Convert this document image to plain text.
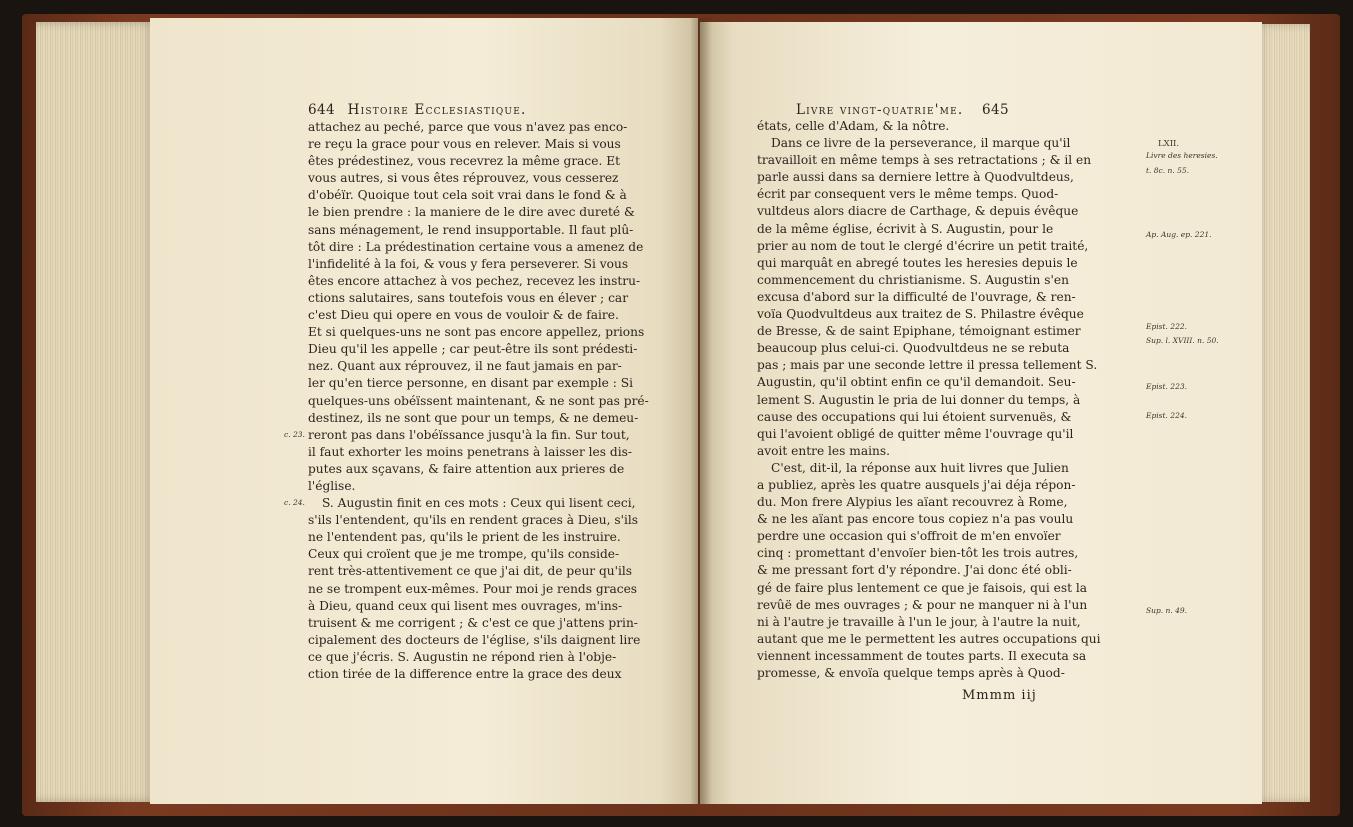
644 Histoire Ecclesiastique.
attachez au peché, parce que vous n'avez pas enco-
re reçu la grace pour vous en relever. Mais si vous
êtes prédestinez, vous recevrez la même grace. Et
vous autres, si vous êtes réprouvez, vous cesserez
d'obéïr. Quoique tout cela soit vrai dans le fond & à
le bien prendre : la maniere de le dire avec dureté &
sans ménagement, le rend insupportable. Il faut plû-
tôt dire : La prédestination certaine vous a amenez de
l'infidelité à la foi, & vous y fera perseverer. Si vous
êtes encore attachez à vos pechez, recevez les instru-
ctions salutaires, sans toutefois vous en élever ; car
c'est Dieu qui opere en vous de vouloir & de faire.
Et si quelques-uns ne sont pas encore appellez, prions
Dieu qu'il les appelle ; car peut-être ils sont prédesti-
nez. Quant aux réprouvez, il ne faut jamais en par-
ler qu'en tierce personne, en disant par exemple : Si
quelques-uns obéïssent maintenant, & ne sont pas pré-
destinez, ils ne sont que pour un temps, & ne demeu-
reront pas dans l'obéïssance jusqu'à la fin. Sur tout,
il faut exhorter les moins penetrans à laisser les dis-
putes aux sçavans, & faire attention aux prieres de
l'église.
S. Augustin finit en ces mots : Ceux qui lisent ceci,
s'ils l'entendent, qu'ils en rendent graces à Dieu, s'ils
ne l'entendent pas, qu'ils le prient de les instruire.
Ceux qui croïent que je me trompe, qu'ils conside-
rent très-attentivement ce que j'ai dit, de peur qu'ils
ne se trompent eux-mêmes. Pour moi je rends graces
à Dieu, quand ceux qui lisent mes ouvrages, m'ins-
truisent & me corrigent ; & c'est ce que j'attens prin-
cipalement des docteurs de l'église, s'ils daignent lire
ce que j'écris. S. Augustin ne répond rien à l'obje-
ction tirée de la difference entre la grace des deux
c. 23.
c. 24.
Livre vingt-quatrie'me. 645
états, celle d'Adam, & la nôtre.
Dans ce livre de la perseverance, il marque qu'il
travailloit en même temps à ses retractations ; & il en
parle aussi dans sa derniere lettre à Quodvultdeus,
écrit par consequent vers le même temps. Quod-
vultdeus alors diacre de Carthage, & depuis évêque
de la même église, écrivit à S. Augustin, pour le
prier au nom de tout le clergé d'écrire un petit traité,
qui marquât en abregé toutes les heresies depuis le
commencement du christianisme. S. Augustin s'en
excusa d'abord sur la difficulté de l'ouvrage, & ren-
voïa Quodvultdeus aux traitez de S. Philastre évêque
de Bresse, & de saint Epiphane, témoignant estimer
beaucoup plus celui-ci. Quodvultdeus ne se rebuta
pas ; mais par une seconde lettre il pressa tellement S.
Augustin, qu'il obtint enfin ce qu'il demandoit. Seu-
lement S. Augustin le pria de lui donner du temps, à
cause des occupations qui lui étoient survenuës, &
qui l'avoient obligé de quitter même l'ouvrage qu'il
avoit entre les mains.
C'est, dit-il, la réponse aux huit livres que Julien
a publiez, après les quatre ausquels j'ai déja répon-
du. Mon frere Alypius les aïant recouvrez à Rome,
& ne les aïant pas encore tous copiez n'a pas voulu
perdre une occasion qui s'offroit de m'en envoïer
cinq : promettant d'envoïer bien-tôt les trois autres,
& me pressant fort d'y répondre. J'ai donc été obli-
gé de faire plus lentement ce que je faisois, qui est la
revûë de mes ouvrages ; & pour ne manquer ni à l'un
ni à l'autre je travaille à l'un le jour, à l'autre la nuit,
autant que me le permettent les autres occupations qui
viennent incessamment de toutes parts. Il executa sa
promesse, & envoïa quelque temps après à Quod-
Mmmm iij
LXII.
Livre des heresies.
t. 8c. n. 55.
Ap. Aug. ep. 221.
Epist. 222.
Sup. l. XVIII. n. 50.
Epist. 223.
Epist. 224.
Sup. n. 49.
